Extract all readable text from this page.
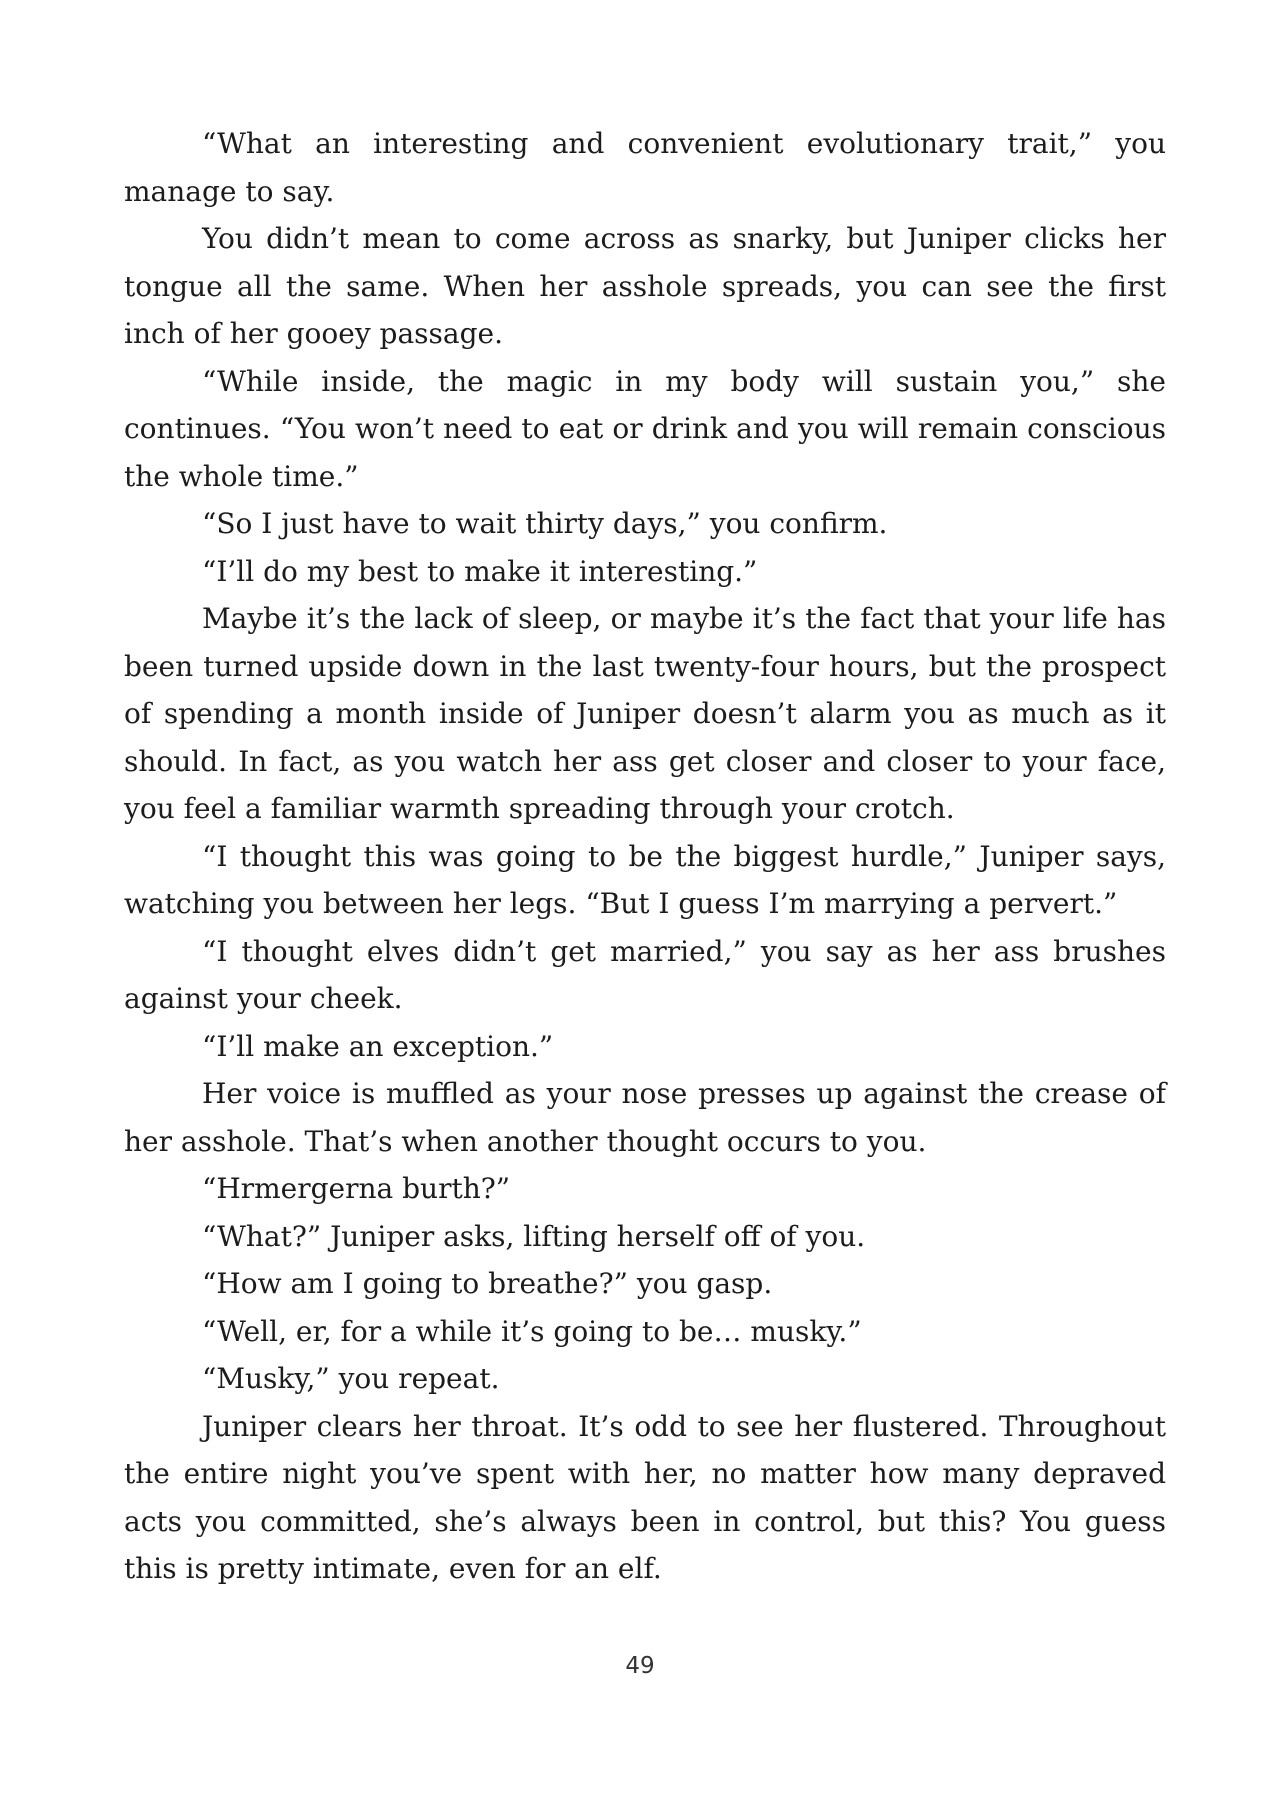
“What an interesting and convenient evolutionary trait,” you manage to say.

You didn’t mean to come across as snarky, but Juniper clicks her tongue all the same. When her asshole spreads, you can see the first inch of her gooey passage.

“While inside, the magic in my body will sustain you,” she continues. “You won’t need to eat or drink and you will remain conscious the whole time.”

“So I just have to wait thirty days,” you confirm.

“I’ll do my best to make it interesting.”

Maybe it’s the lack of sleep, or maybe it’s the fact that your life has been turned upside down in the last twenty-four hours, but the prospect of spending a month inside of Juniper doesn’t alarm you as much as it should. In fact, as you watch her ass get closer and closer to your face, you feel a familiar warmth spreading through your crotch.

“I thought this was going to be the biggest hurdle,” Juniper says, watching you between her legs. “But I guess I’m marrying a pervert.”

“I thought elves didn’t get married,” you say as her ass brushes against your cheek.

“I’ll make an exception.”

Her voice is muffled as your nose presses up against the crease of her asshole. That’s when another thought occurs to you.

“Hrmergerna burth?”

“What?” Juniper asks, lifting herself off of you.

“How am I going to breathe?” you gasp.

“Well, er, for a while it’s going to be… musky.”

“Musky,” you repeat.

Juniper clears her throat. It’s odd to see her flustered. Throughout the entire night you’ve spent with her, no matter how many depraved acts you committed, she’s always been in control, but this? You guess this is pretty intimate, even for an elf.

49
